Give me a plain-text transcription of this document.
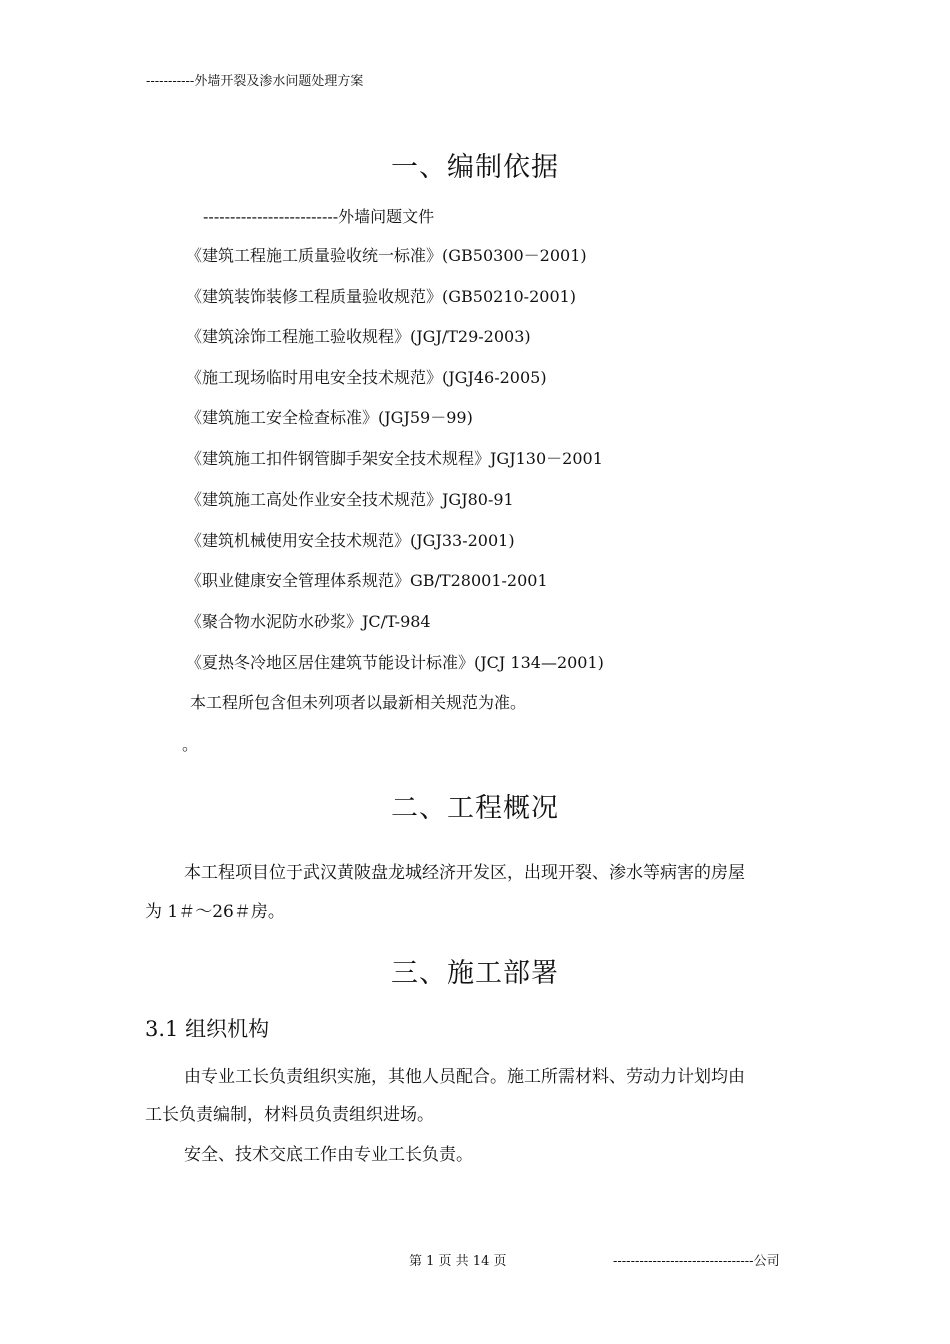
-----------外墙开裂及渗水问题处理方案
一、编制依据
-------------------------外墙问题文件
《建筑工程施工质量验收统一标准》(GB50300－2001)
《建筑装饰装修工程质量验收规范》(GB50210-2001)
《建筑涂饰工程施工验收规程》(JGJ/T29-2003)
《施工现场临时用电安全技术规范》(JGJ46-2005)
《建筑施工安全检查标准》(JGJ59－99)
《建筑施工扣件钢管脚手架安全技术规程》JGJ130－2001
《建筑施工高处作业安全技术规范》JGJ80-91
《建筑机械使用安全技术规范》(JGJ33-2001)
《职业健康安全管理体系规范》GB/T28001-2001
《聚合物水泥防水砂浆》JC/T-984
《夏热冬冷地区居住建筑节能设计标准》(JCJ 134—2001)
本工程所包含但未列项者以最新相关规范为准。
。
二、工程概况
本工程项目位于武汉黄陂盘龙城经济开发区，出现开裂、渗水等病害的房屋
为 1＃～26＃房。
三、施工部署
3.1 组织机构
由专业工长负责组织实施，其他人员配合。施工所需材料、劳动力计划均由
工长负责编制，材料员负责组织进场。
安全、技术交底工作由专业工长负责。
第 1 页 共 14 页	--------------------------------公司
